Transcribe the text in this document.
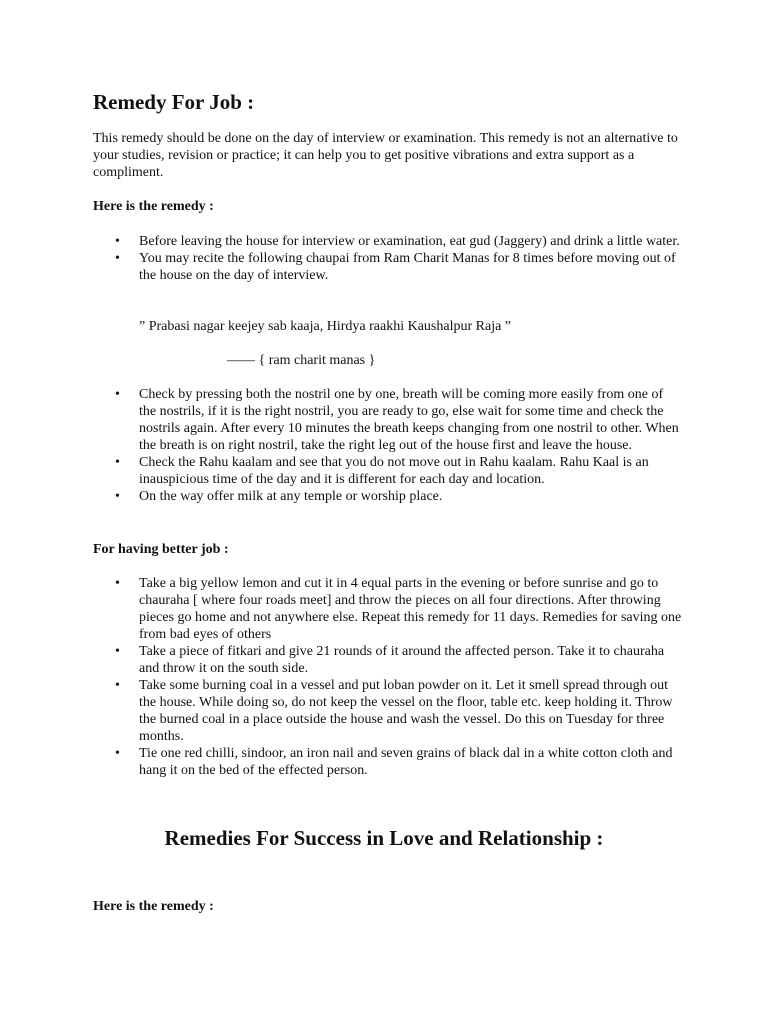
Remedy For Job :

This remedy should be done on the day of interview or examination. This remedy is not an alternative to your studies, revision or practice; it can help you to get positive vibrations and extra support as a compliment.

Here is the remedy :

• Before leaving the house for interview or examination, eat gud (Jaggery) and drink a little water.
• You may recite the following chaupai from Ram Charit Manas for 8 times before moving out of the house on the day of interview.

” Prabasi nagar keejey sab kaaja, Hirdya raakhi Kaushalpur Raja ”

—— { ram charit manas }

• Check by pressing both the nostril one by one, breath will be coming more easily from one of the nostrils, if it is the right nostril, you are ready to go, else wait for some time and check the nostrils again. After every 10 minutes the breath keeps changing from one nostril to other. When the breath is on right nostril, take the right leg out of the house first and leave the house.
• Check the Rahu kaalam and see that you do not move out in Rahu kaalam. Rahu Kaal is an inauspicious time of the day and it is different for each day and location.
• On the way offer milk at any temple or worship place.

For having better job :

• Take a big yellow lemon and cut it in 4 equal parts in the evening or before sunrise and go to chauraha [ where four roads meet] and throw the pieces on all four directions. After throwing pieces go home and not anywhere else. Repeat this remedy for 11 days. Remedies for saving one from bad eyes of others
• Take a piece of fitkari and give 21 rounds of it around the affected person. Take it to chauraha and throw it on the south side.
• Take some burning coal in a vessel and put loban powder on it. Let it smell spread through out the house. While doing so, do not keep the vessel on the floor, table etc. keep holding it. Throw the burned coal in a place outside the house and wash the vessel. Do this on Tuesday for three months.
• Tie one red chilli, sindoor, an iron nail and seven grains of black dal in a white cotton cloth and hang it on the bed of the effected person.
Remedies For Success in Love and Relationship :

Here is the remedy :
